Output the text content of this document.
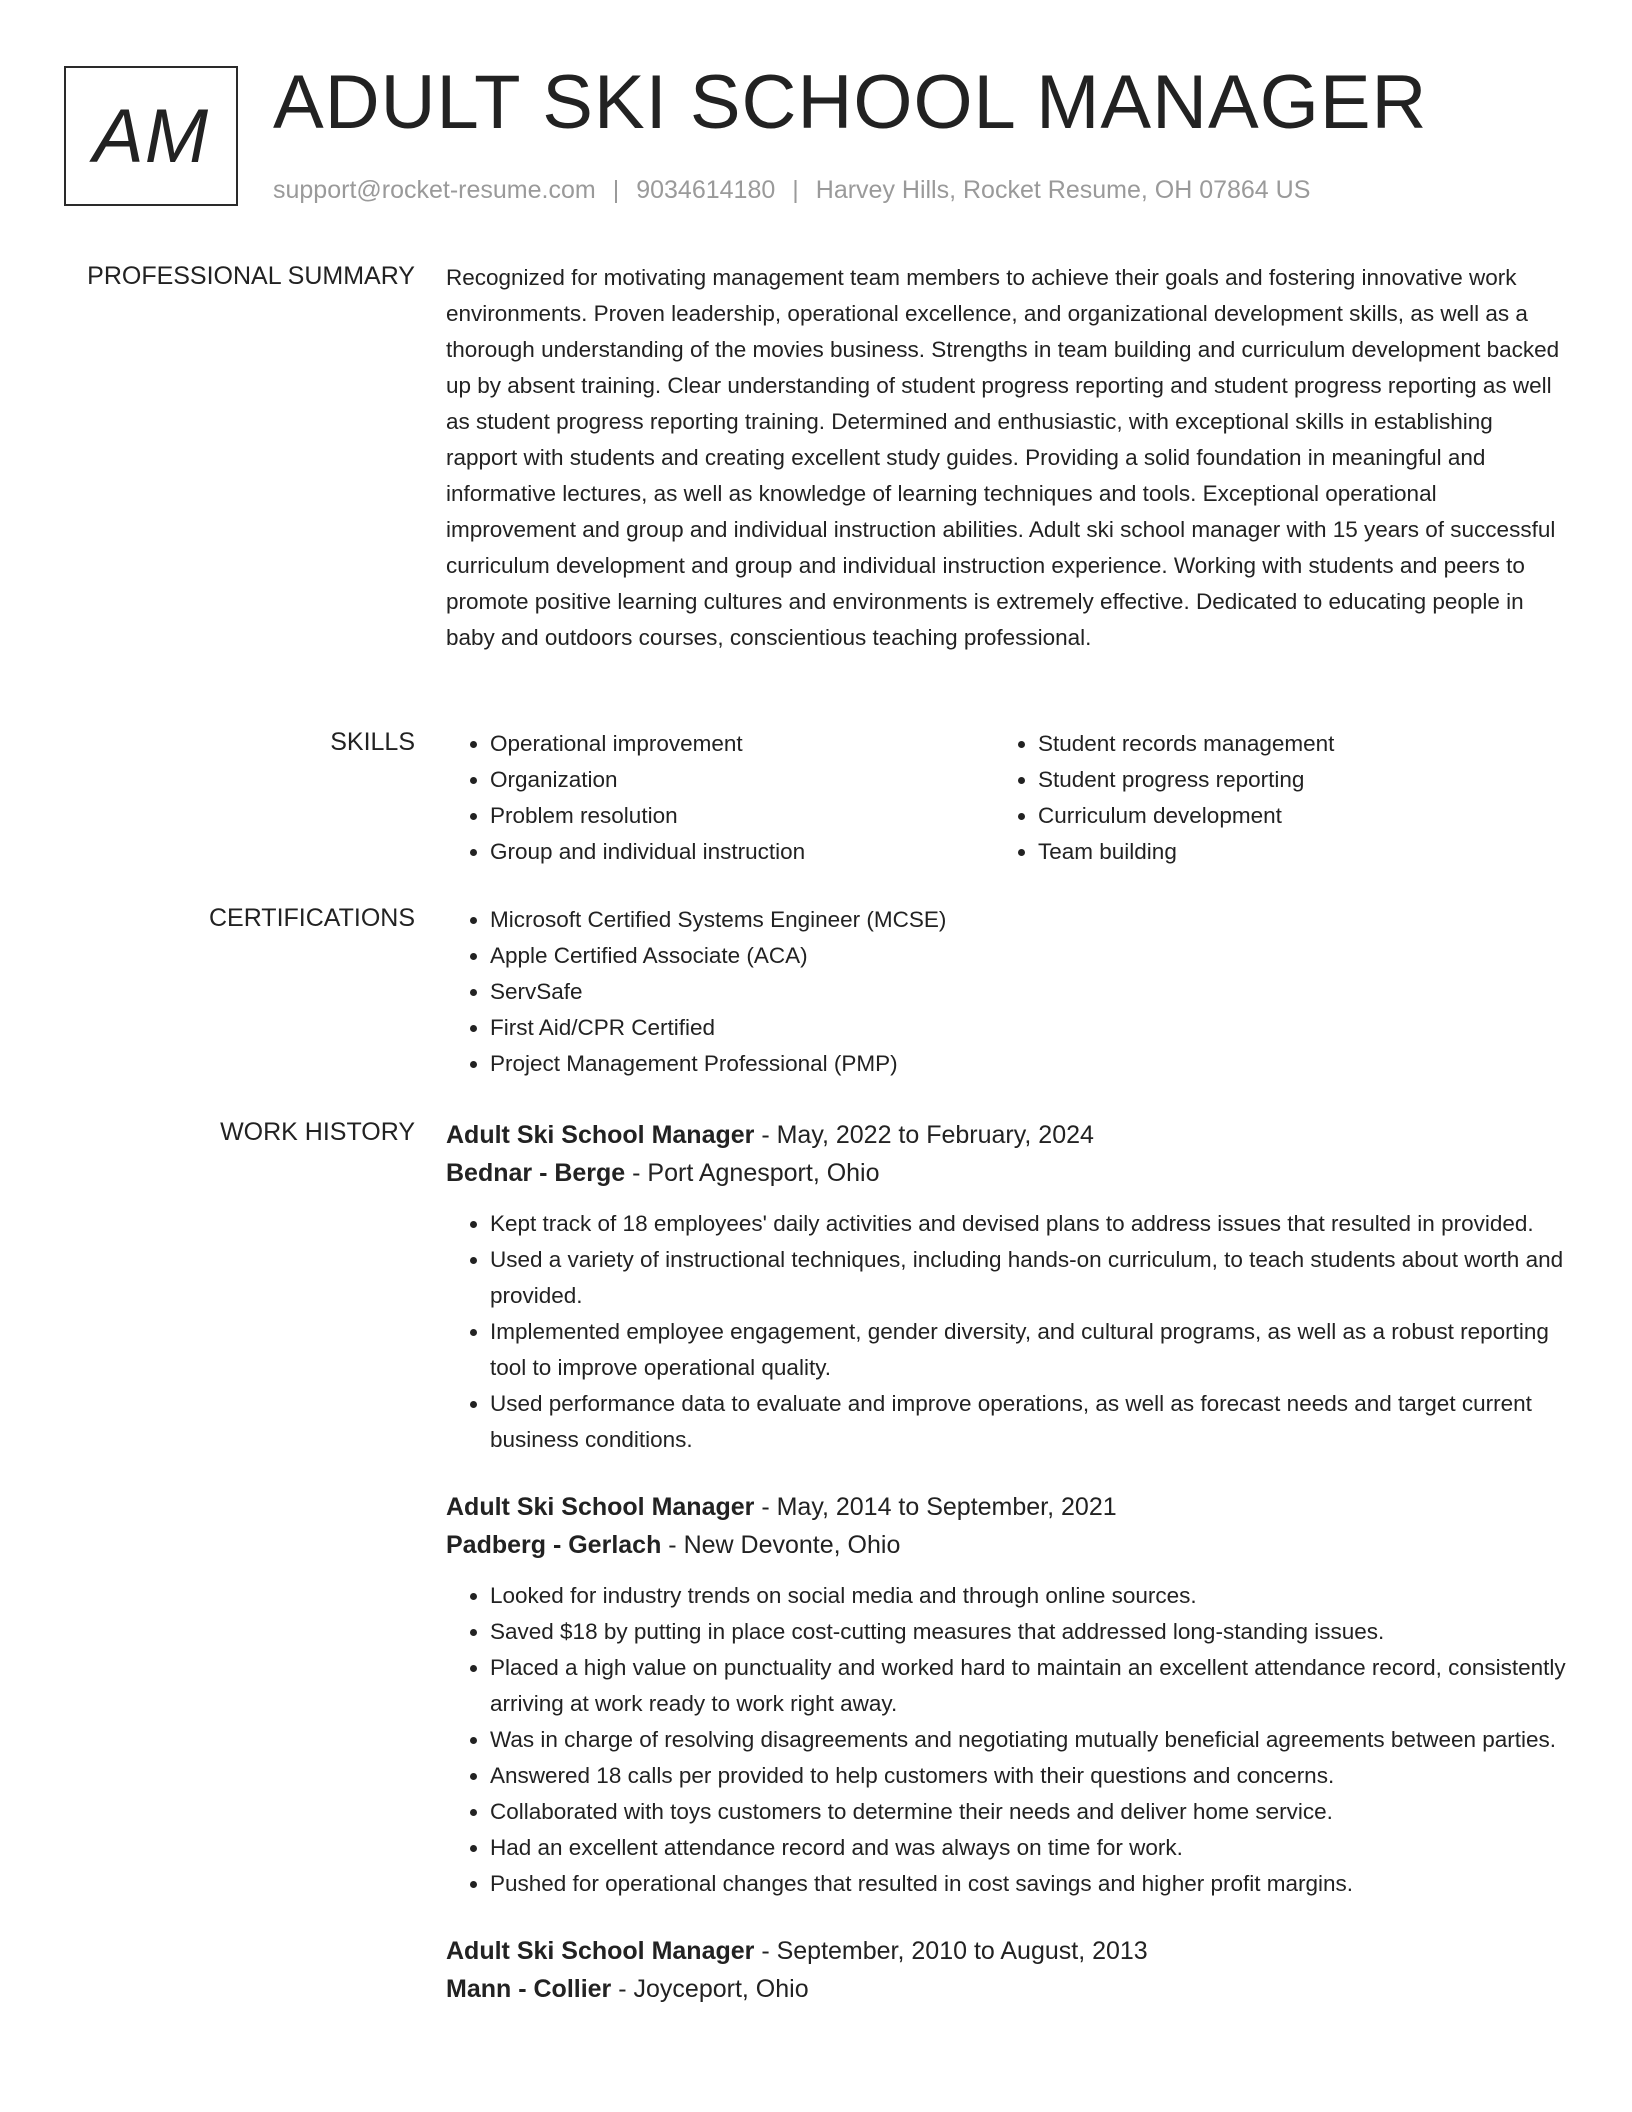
AM ADULT SKI SCHOOL MANAGER
support@rocket-resume.com | 9034614180 | Harvey Hills, Rocket Resume, OH 07864 US
PROFESSIONAL SUMMARY Recognized for motivating management team members to achieve their goals and fostering innovative work environments. Proven leadership, operational excellence, and organizational development skills, as well as a thorough understanding of the movies business. Strengths in team building and curriculum development backed up by absent training. Clear understanding of student progress reporting and student progress reporting as well as student progress reporting training. Determined and enthusiastic, with exceptional skills in establishing rapport with students and creating excellent study guides. Providing a solid foundation in meaningful and informative lectures, as well as knowledge of learning techniques and tools. Exceptional operational improvement and group and individual instruction abilities. Adult ski school manager with 15 years of successful curriculum development and group and individual instruction experience. Working with students and peers to promote positive learning cultures and environments is extremely effective. Dedicated to educating people in baby and outdoors courses, conscientious teaching professional.

SKILLS	• Operational improvement
• Organization
• Problem resolution
• Group and individual instruction
• Student records management
• Student progress reporting
• Curriculum development
• Team building
CERTIFICATIONS	• Microsoft Certified Systems Engineer (MCSE)
• Apple Certified Associate (ACA)
• ServSafe
• First Aid/CPR Certified
• Project Management Professional (PMP)
WORK HISTORY Adult Ski School Manager - May, 2022 to February, 2024
Bednar - Berge - Port Agnesport, Ohio
• Kept track of 18 employees' daily activities and devised plans to address issues that resulted in provided.
• Used a variety of instructional techniques, including hands-on curriculum, to teach students about worth and provided.
• Implemented employee engagement, gender diversity, and cultural programs, as well as a robust reporting tool to improve operational quality.
• Used performance data to evaluate and improve operations, as well as forecast needs and target current business conditions.
Adult Ski School Manager - May, 2014 to September, 2021
Padberg - Gerlach - New Devonte, Ohio
• Looked for industry trends on social media and through online sources.
• Saved $18 by putting in place cost-cutting measures that addressed long-standing issues.
• Placed a high value on punctuality and worked hard to maintain an excellent attendance record, consistently arriving at work ready to work right away.
• Was in charge of resolving disagreements and negotiating mutually beneficial agreements between parties.
• Answered 18 calls per provided to help customers with their questions and concerns.
• Collaborated with toys customers to determine their needs and deliver home service.
• Had an excellent attendance record and was always on time for work.
• Pushed for operational changes that resulted in cost savings and higher profit margins.
Adult Ski School Manager - September, 2010 to August, 2013
Mann - Collier - Joyceport, Ohio
